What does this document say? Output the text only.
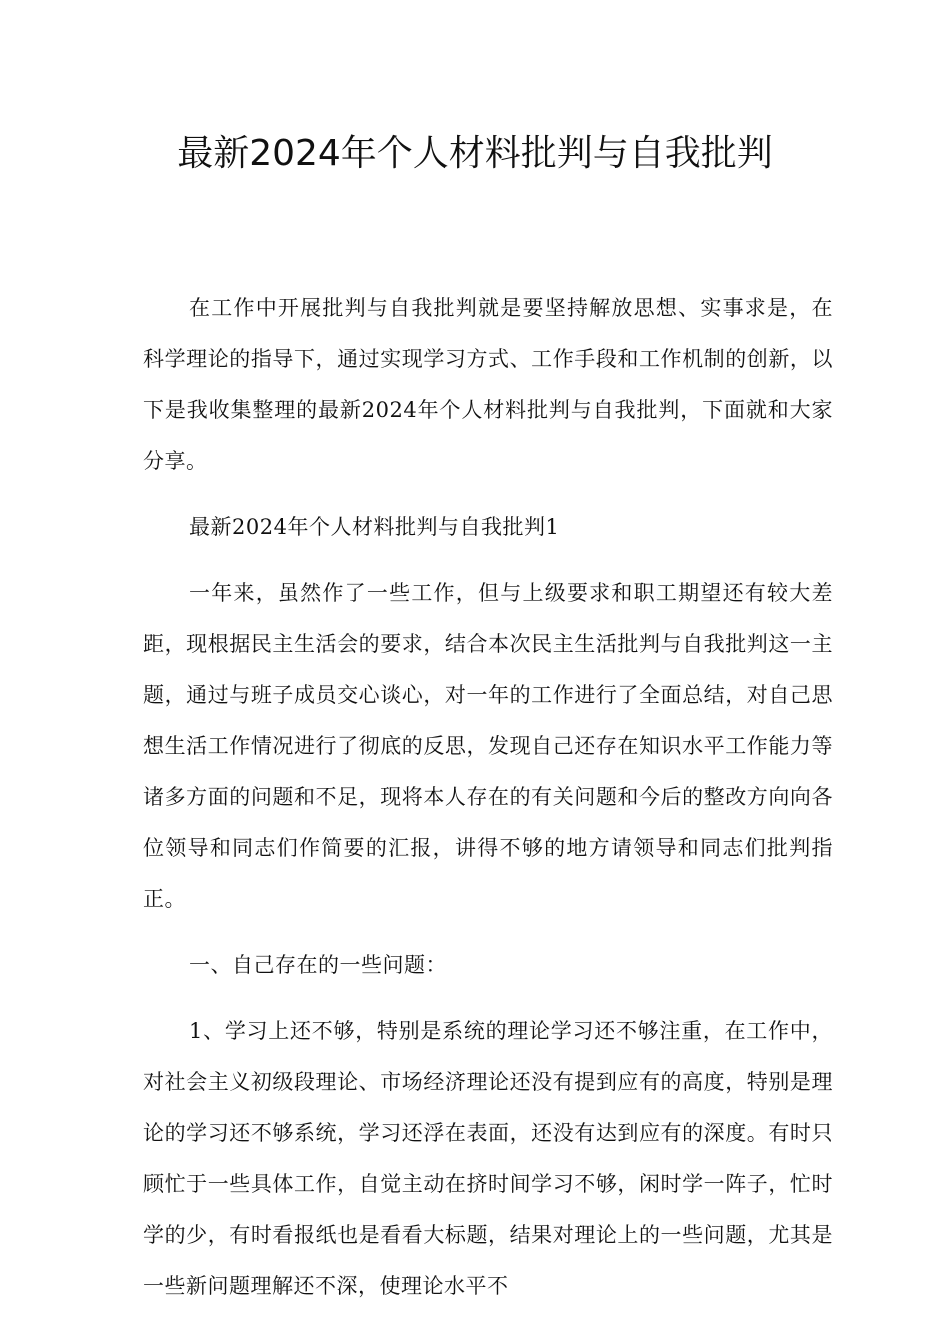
最新2024年个人材料批判与自我批判

在工作中开展批判与自我批判就是要坚持解放思想、实事求是，在科学理论的指导下，通过实现学习方式、工作手段和工作机制的创新，以下是我收集整理的最新2024年个人材料批判与自我批判，下面就和大家分享。

最新2024年个人材料批判与自我批判1

一年来，虽然作了一些工作，但与上级要求和职工期望还有较大差距，现根据民主生活会的要求，结合本次民主生活批判与自我批判这一主题，通过与班子成员交心谈心，对一年的工作进行了全面总结，对自己思想生活工作情况进行了彻底的反思，发现自己还存在知识水平工作能力等诸多方面的问题和不足，现将本人存在的有关问题和今后的整改方向向各位领导和同志们作简要的汇报，讲得不够的地方请领导和同志们批判指正。

一、自己存在的一些问题：

1、学习上还不够，特别是系统的理论学习还不够注重，在工作中，对社会主义初级段理论、市场经济理论还没有提到应有的高度，特别是理论的学习还不够系统，学习还浮在表面，还没有达到应有的深度。有时只顾忙于一些具体工作，自觉主动在挤时间学习不够，闲时学一阵子，忙时学的少，有时看报纸也是看看大标题，结果对理论上的一些问题，尤其是一些新问题理解还不深，使理论水平不
